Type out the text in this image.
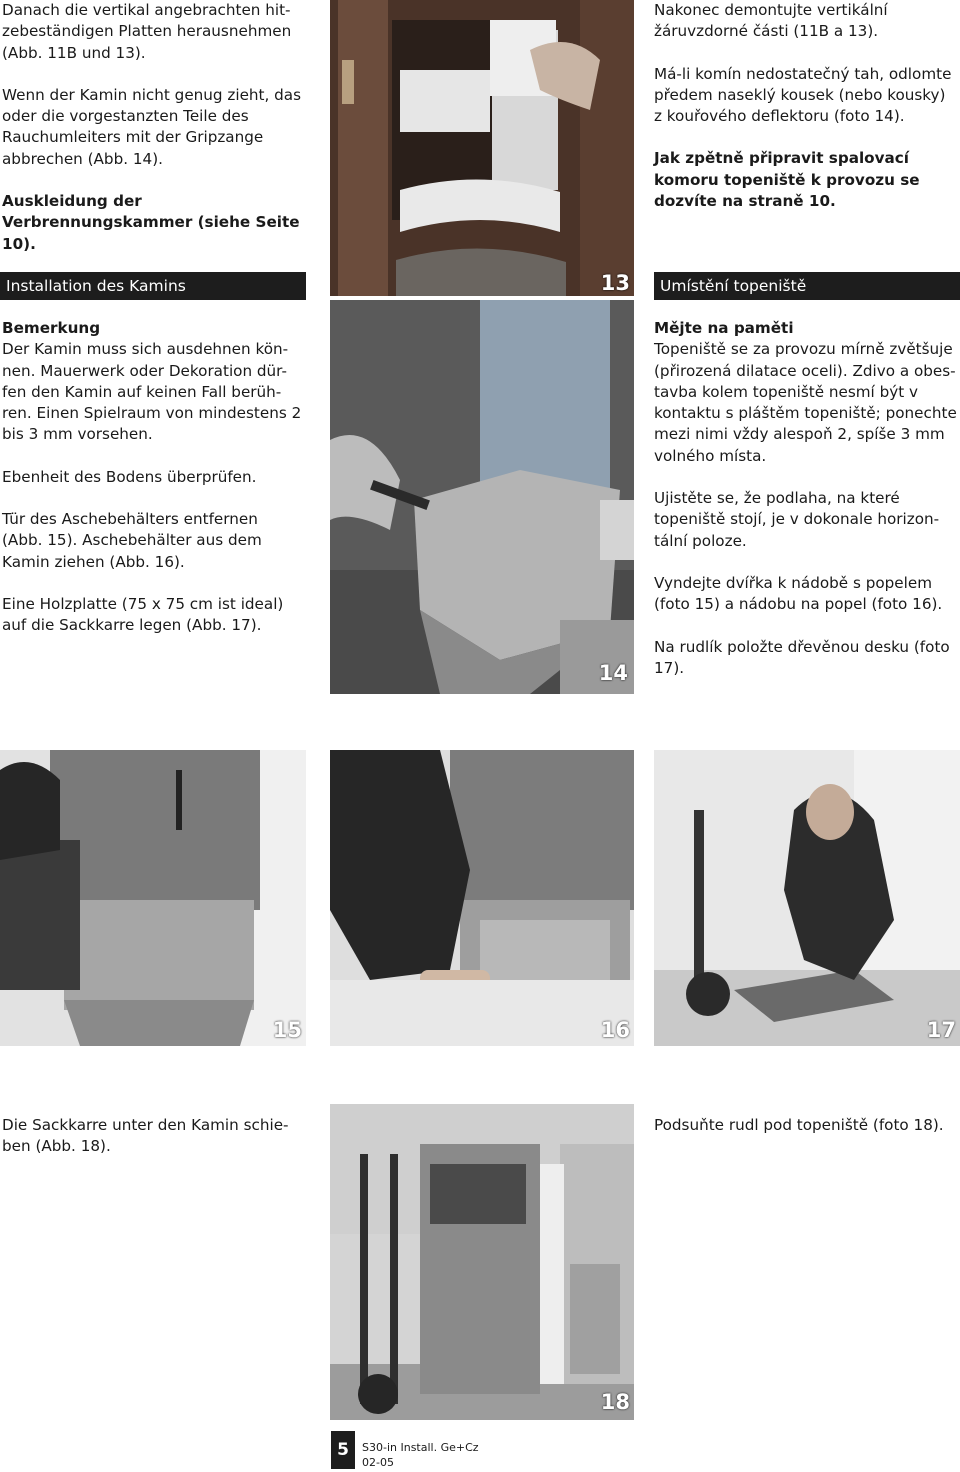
Danach die vertikal angebrachten hit-zebeständigen Platten herausnehmen (Abb. 11B und 13).

Wenn der Kamin nicht genug zieht, das oder die vorgestanzten Teile des Rauchumleiters mit der Gripzange abbrechen (Abb. 14).

Auskleidung der Verbrennungskammer (siehe Seite 10).

Nakonec demontujte vertikální žáruvzdorné části (11B a 13).

Má-li komín nedostatečný tah, odlomte předem naseklý kousek (nebo kousky) z kouřového deflektoru (foto 14).

Jak zpětně připravit spalovací komoru topeniště k provozu se dozvíte na straně 10.

13
Installation des Kamins	Umístění topeniště

Bemerkung

Der Kamin muss sich ausdehnen kön-nen. Mauerwerk oder Dekoration dür-fen den Kamin auf keinen Fall berüh-ren. Einen Spielraum von mindestens 2 bis 3 mm vorsehen.

Ebenheit des Bodens überprüfen.

Tür des Aschebehälters entfernen (Abb. 15). Aschebehälter aus dem Kamin ziehen (Abb. 16).

Eine Holzplatte (75 x 75 cm ist ideal) auf die Sackkarre legen (Abb. 17).

Mějte na paměti

Topeniště se za provozu mírně zvětšuje (přirozená dilatace oceli). Zdivo a obes-tavba kolem topeniště nesmí být v kontaktu s pláštěm topeniště; ponechte mezi nimi vždy alespoň 2, spíše 3 mm volného místa.

Ujistěte se, že podlaha, na které topeniště stojí, je v dokonale horizon-tální poloze.

Vyndejte dvířka k nádobě s popelem (foto 15) a nádobu na popel (foto 16).

Na rudlík položte dřevěnou desku (foto 17).

14
15	16	17

Die Sackkarre unter den Kamin schie-ben (Abb. 18).

Podsuňte rudl pod topeniště (foto 18).

18
5	S30-in Install. Ge+Cz
02-05
